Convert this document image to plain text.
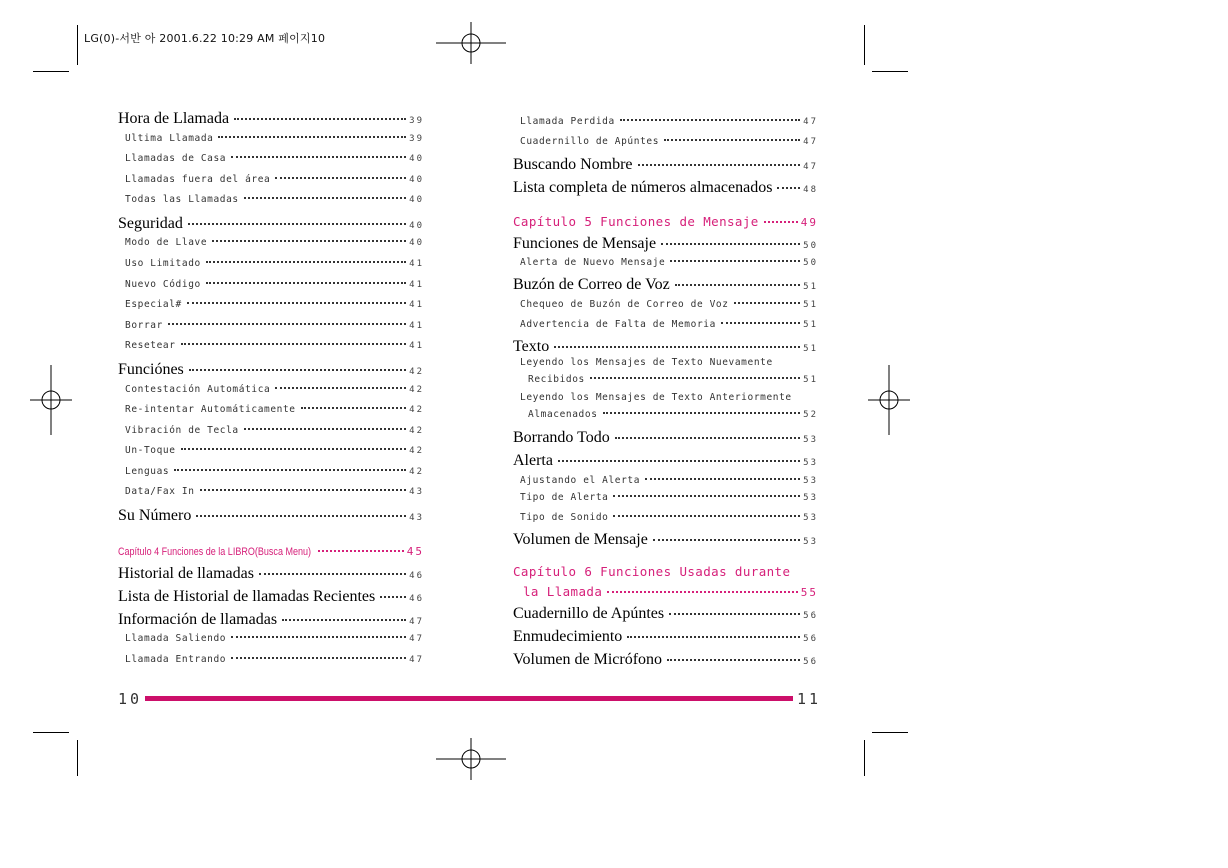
LG(0)-서반 아 2001.6.22 10:29 AM 페이지10
Hora de Llamada	39
Ultima Llamada	39
Llamadas de Casa	40
Llamadas fuera del área	40
Todas las Llamadas	40
Seguridad	40
Modo de Llave	40
Uso Limitado	41
Nuevo Código	41
Especial#	41
Borrar	41
Resetear	41
Funciónes	42
Contestación Automática	42
Re-intentar Automáticamente	42
Vibración de Tecla	42
Un-Toque	42
Lenguas	42
Data/Fax In	43
Su Número	43
Capítulo 4 Funciones de la LIBRO(Busca Menu)	45
Historial de llamadas	46
Lista de Historial de llamadas Recientes	46
Información de llamadas	47
Llamada Saliendo	47
Llamada Entrando	47
Llamada Perdida	47
Cuadernillo de Apúntes	47
Buscando Nombre	47
Lista completa de números almacenados	48
Capítulo 5 Funciones de Mensaje	49
Funciones de Mensaje	50
Alerta de Nuevo Mensaje	50
Buzón de Correo de Voz	51
Chequeo de Buzón de Correo de Voz	51
Advertencia de Falta de Memoria	51
Texto	51
Leyendo los Mensajes de Texto Nuevamente
Recibidos	51
Leyendo los Mensajes de Texto Anteriormente
Almacenados	52
Borrando Todo	53
Alerta	53
Ajustando el Alerta	53
Tipo de Alerta	53
Tipo de Sonido	53
Volumen de Mensaje	53
Capítulo 6 Funciones Usadas durante
la Llamada	55
Cuadernillo de Apúntes	56
Enmudecimiento	56
Volumen de Micrófono	56
10	11
